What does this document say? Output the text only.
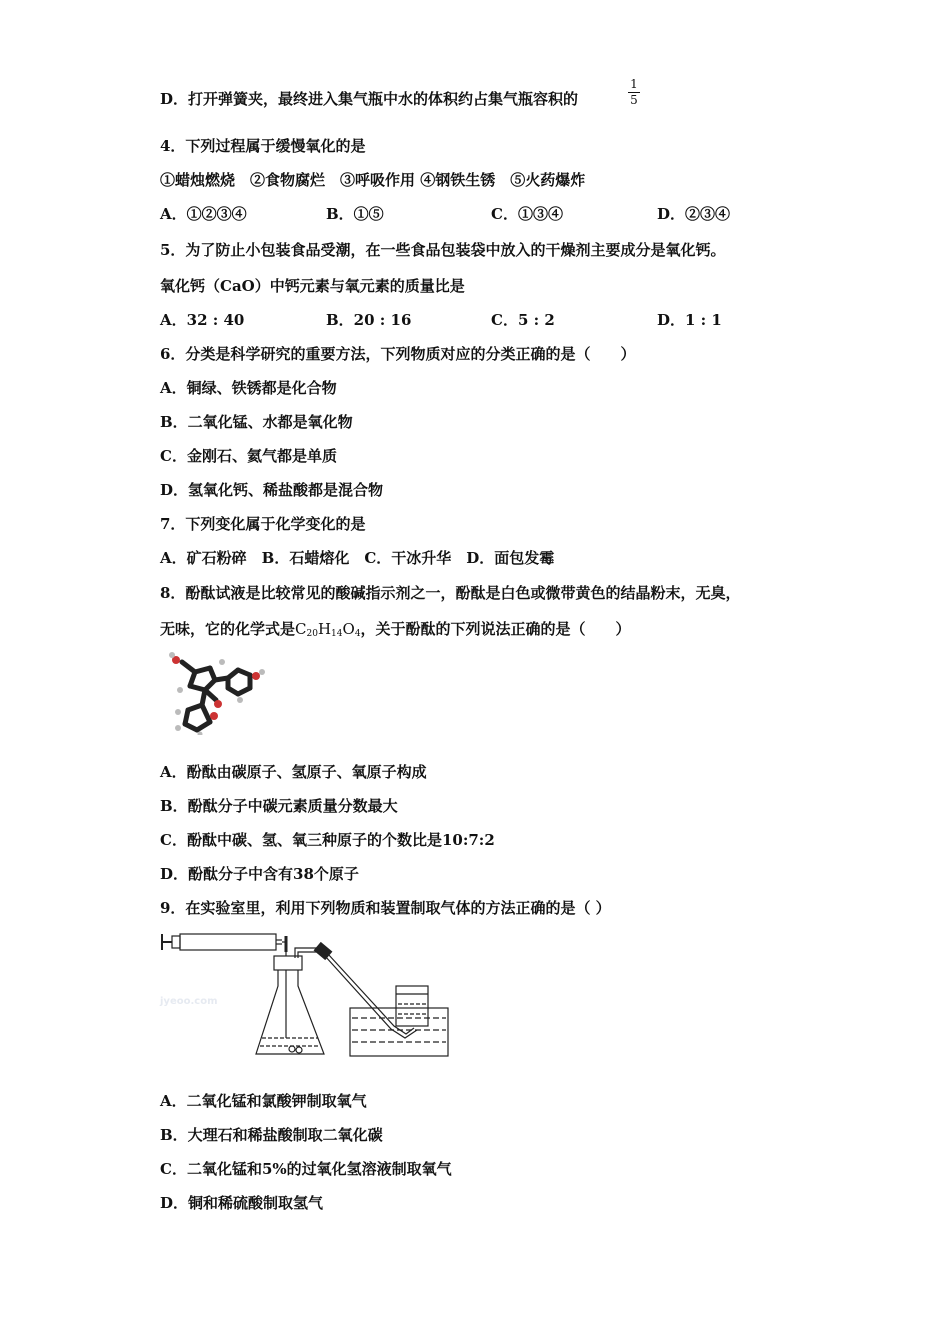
D．打开弹簧夹，最终进入集气瓶中水的体积约占集气瓶容积的
1
5
4．下列过程属于缓慢氧化的是
①蜡烛燃烧　②食物腐烂　③呼吸作用 ④钢铁生锈　⑤火药爆炸
A．①②③④	B．①⑤	C．①③④	D．②③④
5．为了防止小包装食品受潮，在一些食品包装袋中放入的干燥剂主要成分是氧化钙。
氧化钙（CaO）中钙元素与氧元素的质量比是
A．32 : 40	B．20 : 16	C．5 : 2	D．1 : 1
6．分类是科学研究的重要方法，下列物质对应的分类正确的是（　　）
A．铜绿、铁锈都是化合物
B．二氧化锰、水都是氧化物
C．金刚石、氦气都是单质
D．氢氧化钙、稀盐酸都是混合物
7．下列变化属于化学变化的是
A．矿石粉碎　B．石蜡熔化　C．干冰升华　D．面包发霉
8．酚酞试液是比较常见的酸碱指示剂之一，酚酞是白色或微带黄色的结晶粉末，无臭，
无味，它的化学式是$C_{20}H_{14}O_4$，关于酚酞的下列说法正确的是（　　）
A．酚酞由碳原子、氢原子、氧原子构成
B．酚酞分子中碳元素质量分数最大
C．酚酞中碳、氢、氧三种原子的个数比是10:7:2
D．酚酞分子中含有38个原子
9．在实验室里，利用下列物质和装置制取气体的方法正确的是（ ）
jyeoo.com
A．二氧化锰和氯酸钾制取氧气
B．大理石和稀盐酸制取二氧化碳
C．二氧化锰和5%的过氧化氢溶液制取氧气
D．铜和稀硫酸制取氢气
